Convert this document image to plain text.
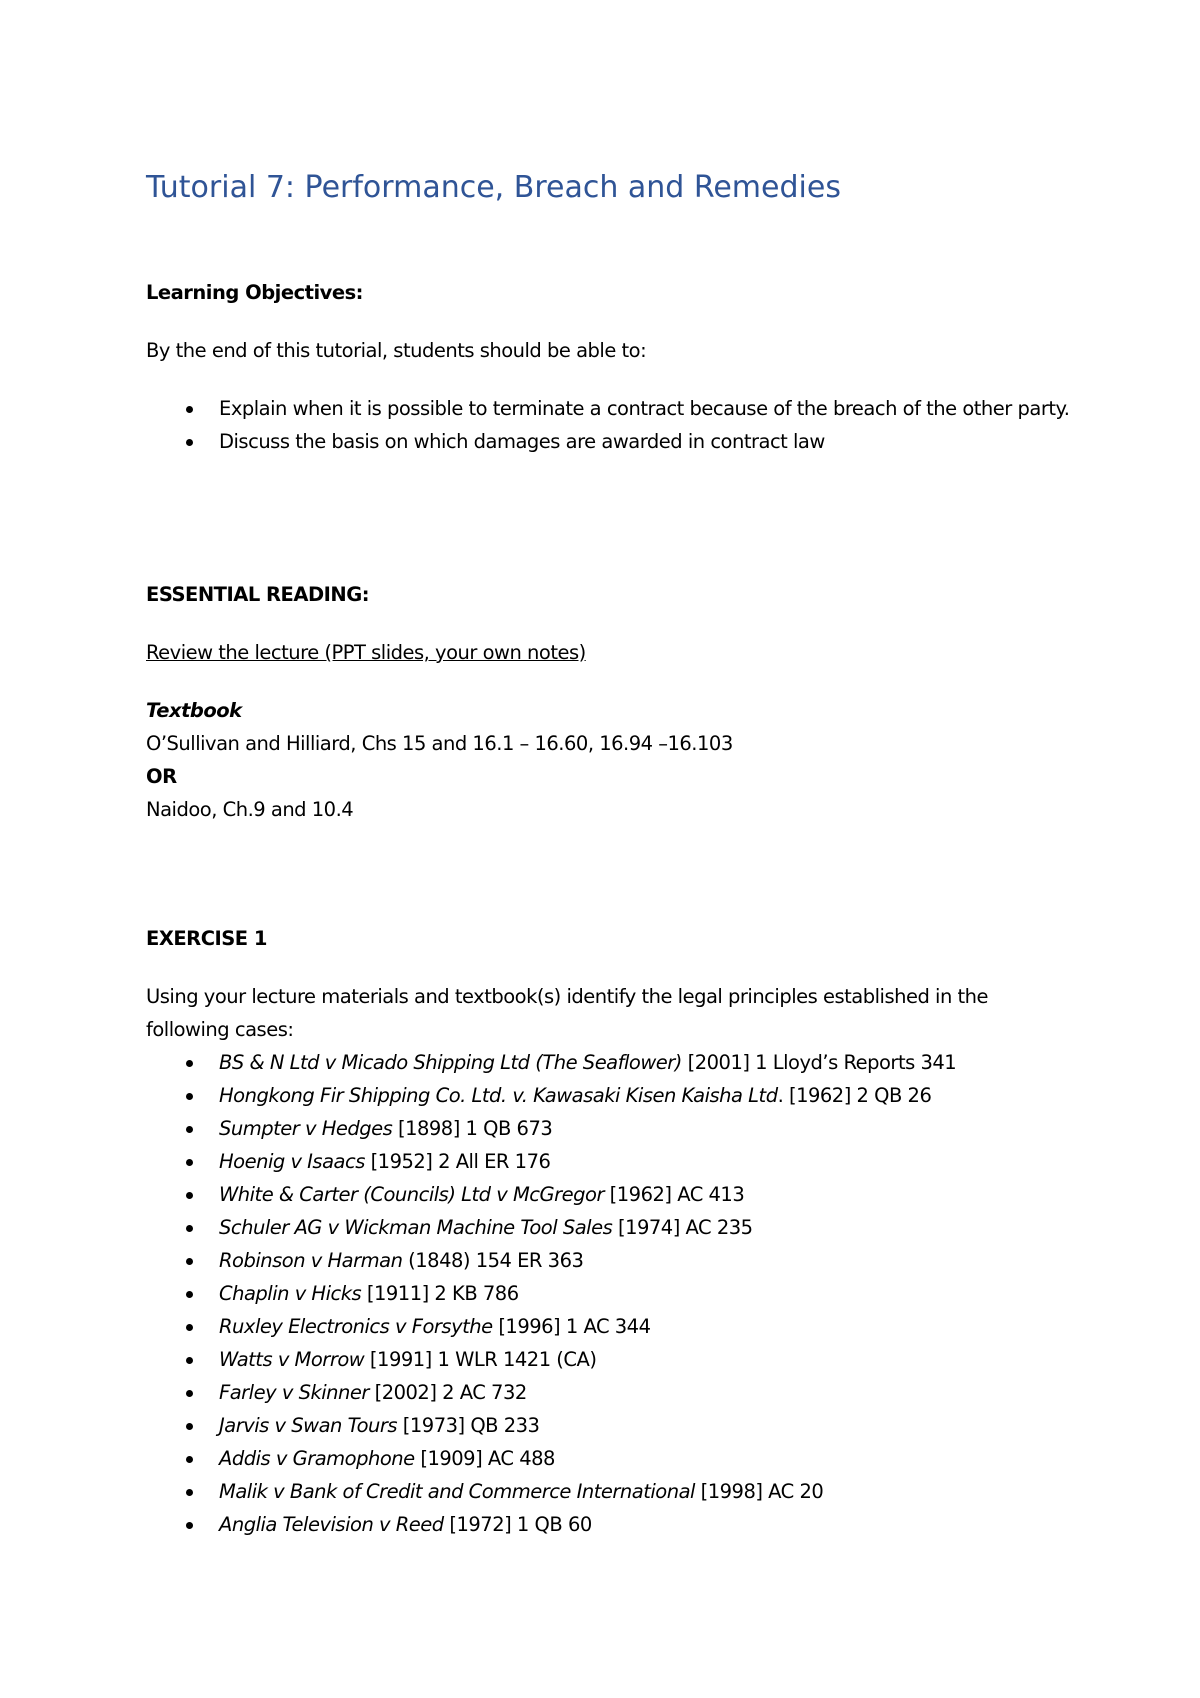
Tutorial 7: Performance, Breach and Remedies

Learning Objectives:

By the end of this tutorial, students should be able to:

Explain when it is possible to terminate a contract because of the breach of the other party.
Discuss the basis on which damages are awarded in contract law

ESSENTIAL READING:

Review the lecture (PPT slides, your own notes)

Textbook
O’Sullivan and Hilliard, Chs 15 and 16.1 – 16.60, 16.94 –16.103
OR
Naidoo, Ch.9 and 10.4

EXERCISE 1

Using your lecture materials and textbook(s) identify the legal principles established in the following cases:

BS & N Ltd v Micado Shipping Ltd (The Seaflower) [2001] 1 Lloyd’s Reports 341
Hongkong Fir Shipping Co. Ltd. v. Kawasaki Kisen Kaisha Ltd. [1962] 2 QB 26
Sumpter v Hedges [1898] 1 QB 673
Hoenig v Isaacs [1952] 2 All ER 176
White & Carter (Councils) Ltd v McGregor [1962] AC 413
Schuler AG v Wickman Machine Tool Sales [1974] AC 235
Robinson v Harman (1848) 154 ER 363
Chaplin v Hicks [1911] 2 KB 786
Ruxley Electronics v Forsythe [1996] 1 AC 344
Watts v Morrow [1991] 1 WLR 1421 (CA)
Farley v Skinner [2002] 2 AC 732
Jarvis v Swan Tours [1973] QB 233
Addis v Gramophone [1909] AC 488
Malik v Bank of Credit and Commerce International [1998] AC 20
Anglia Television v Reed [1972] 1 QB 60
